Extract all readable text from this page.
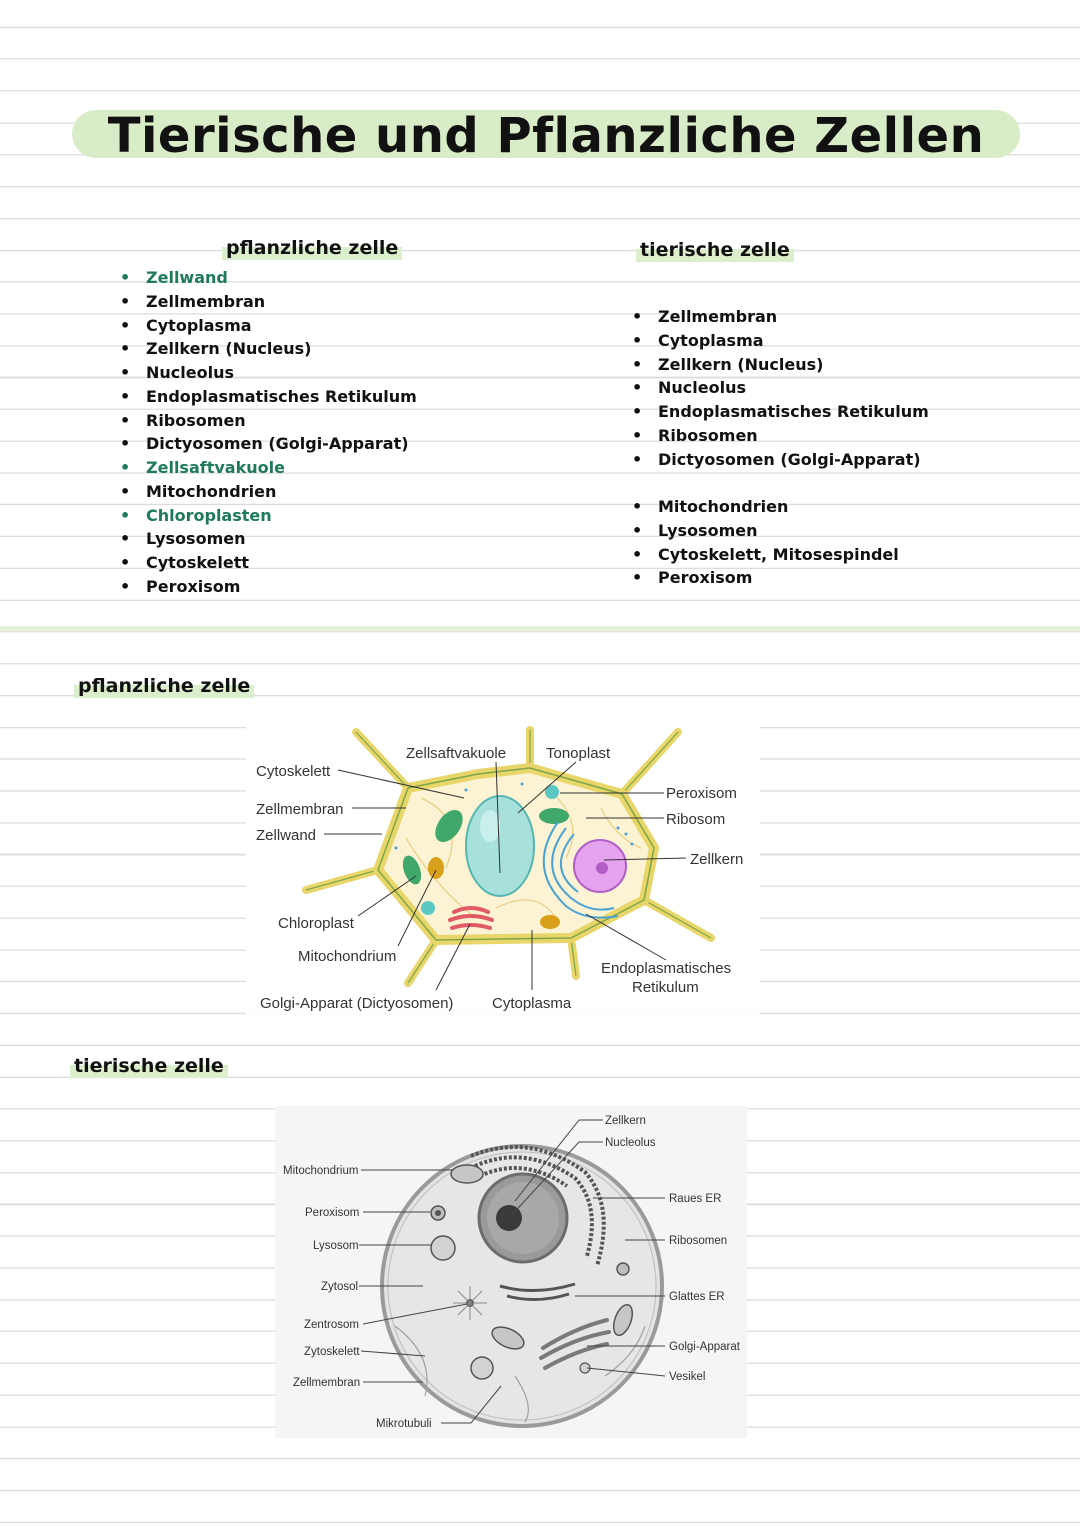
Tierische und Pflanzliche Zellen
pflanzliche zelle
• Zellwand
• Zellmembran
• Cytoplasma
• Zellkern (Nucleus)
• Nucleolus
• Endoplasmatisches Retikulum
• Ribosomen
• Dictyosomen (Golgi-Apparat)
• Zellsaftvakuole
• Mitochondrien
• Chloroplasten
• Lysosomen
• Cytoskelett
• Peroxisom
tierische zelle
• Zellmembran
• Cytoplasma
• Zellkern (Nucleus)
• Nucleolus
• Endoplasmatisches Retikulum
• Ribosomen
• Dictyosomen (Golgi-Apparat)
• Mitochondrien
• Lysosomen
• Cytoskelett, Mitosespindel
• Peroxisom
pflanzliche zelle
Cytoskelett
Zellmembran
Zellwand
Zellsaftvakuole	Tonoplast
Peroxisom
Ribosom
Zellkern
Chloroplast
Mitochondrium
Golgi-Apparat (Dictyosomen)	Cytoplasma
Endoplasmatisches
Retikulum
tierische zelle
Zellkern
Nucleolus
Mitochondrium
Raues ER
Peroxisom
Ribosomen
Lysosom
Zytosol
Glattes ER
Zentrosom
Golgi-Apparat
Zytoskelett
Vesikel
Zellmembran
Mikrotubuli
